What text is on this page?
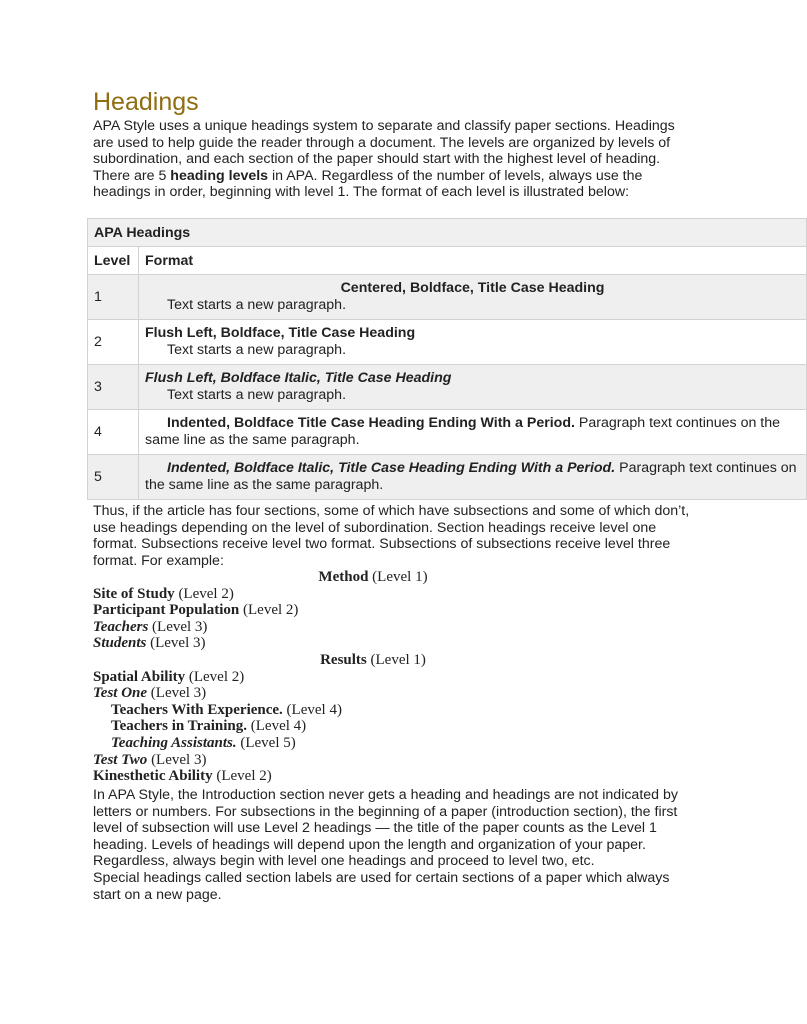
Headings

APA Style uses a unique headings system to separate and classify paper sections. Headings are used to help guide the reader through a document. The levels are organized by levels of subordination, and each section of the paper should start with the highest level of heading. There are 5 heading levels in APA. Regardless of the number of levels, always use the headings in order, beginning with level 1. The format of each level is illustrated below:

APA Headings	
Level	Format
1	Centered, Boldface, Title Case Heading
Text starts a new paragraph.

2	Flush Left, Boldface, Title Case Heading
Text starts a new paragraph.

3	Flush Left, Boldface Italic, Title Case Heading
Text starts a new paragraph.

4	Indented, Boldface Title Case Heading Ending With a Period. Paragraph text continues on the same line as the same paragraph.

5	Indented, Boldface Italic, Title Case Heading Ending With a Period. Paragraph text continues on the same line as the same paragraph.

Thus, if the article has four sections, some of which have subsections and some of which don’t, use headings depending on the level of subordination. Section headings receive level one format. Subsections receive level two format. Subsections of subsections receive level three format. For example:

Method (Level 1)
Site of Study (Level 2)
Participant Population (Level 2)
Teachers (Level 3)
Students (Level 3)
Results (Level 1)
Spatial Ability (Level 2)
Test One (Level 3)
Teachers With Experience. (Level 4)
Teachers in Training. (Level 4)
Teaching Assistants. (Level 5)
Test Two (Level 3)
Kinesthetic Ability (Level 2)
In APA Style, the Introduction section never gets a heading and headings are not indicated by letters or numbers. For subsections in the beginning of a paper (introduction section), the first level of subsection will use Level 2 headings — the title of the paper counts as the Level 1 heading. Levels of headings will depend upon the length and organization of your paper. Regardless, always begin with level one headings and proceed to level two, etc.
Special headings called section labels are used for certain sections of a paper which always start on a new page.
